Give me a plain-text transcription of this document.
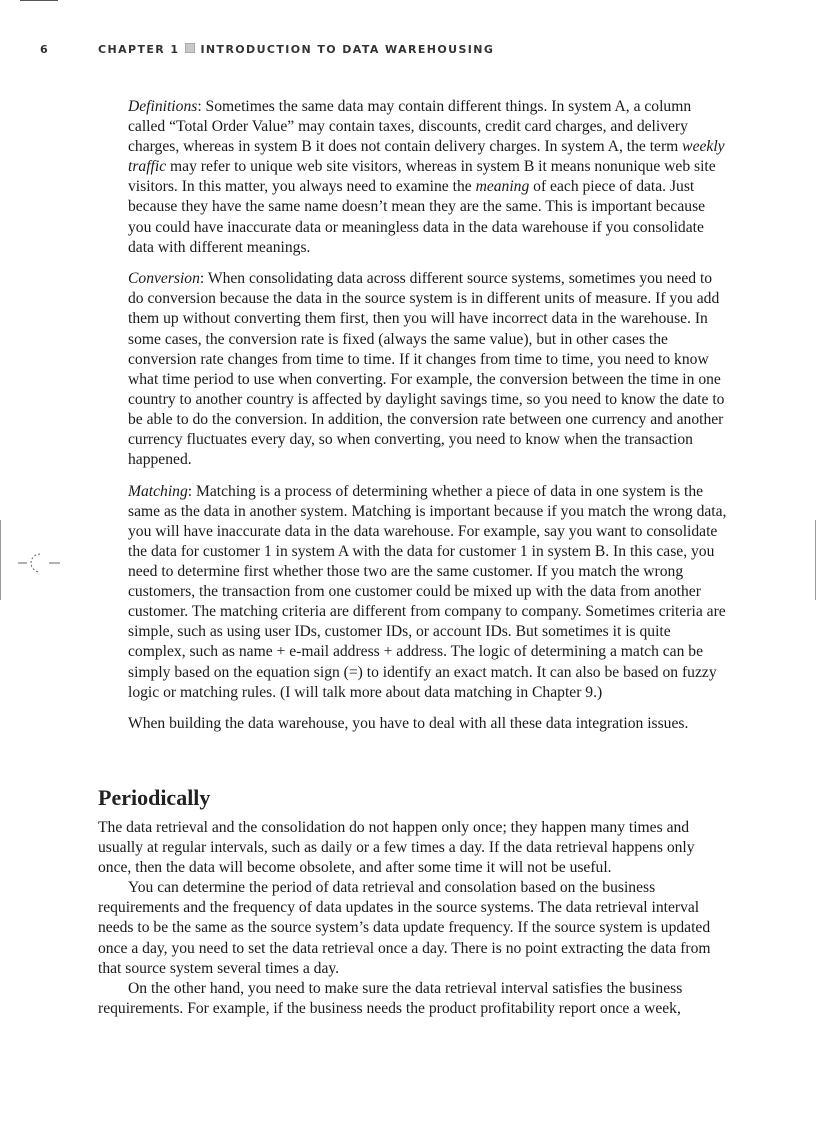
6	CHAPTER 1 INTRODUCTION TO DATA WAREHOUSING

Definitions: Sometimes the same data may contain different things. In system A, a column called “Total Order Value” may contain taxes, discounts, credit card charges, and delivery charges, whereas in system B it does not contain delivery charges. In system A, the term weekly traffic may refer to unique web site visitors, whereas in system B it means nonunique web site visitors. In this matter, you always need to examine the meaning of each piece of data. Just because they have the same name doesn’t mean they are the same. This is important because you could have inaccurate data or meaningless data in the data warehouse if you consolidate data with different meanings.

Conversion: When consolidating data across different source systems, sometimes you need to do conversion because the data in the source system is in different units of measure. If you add them up without converting them first, then you will have incorrect data in the warehouse. In some cases, the conversion rate is fixed (always the same value), but in other cases the conversion rate changes from time to time. If it changes from time to time, you need to know what time period to use when converting. For example, the conversion between the time in one country to another country is affected by daylight savings time, so you need to know the date to be able to do the conversion. In addition, the conversion rate between one currency and another currency fluctuates every day, so when converting, you need to know when the transaction happened.

Matching: Matching is a process of determining whether a piece of data in one system is the same as the data in another system. Matching is important because if you match the wrong data, you will have inaccurate data in the data warehouse. For example, say you want to consolidate the data for customer 1 in system A with the data for customer 1 in system B. In this case, you need to determine first whether those two are the same customer. If you match the wrong customers, the transaction from one customer could be mixed up with the data from another customer. The matching criteria are different from company to company. Sometimes criteria are simple, such as using user IDs, customer IDs, or account IDs. But sometimes it is quite complex, such as name + e-mail address + address. The logic of determining a match can be simply based on the equation sign (=) to identify an exact match. It can also be based on fuzzy logic or matching rules. (I will talk more about data matching in Chapter 9.)

When building the data warehouse, you have to deal with all these data integration issues.

Periodically

The data retrieval and the consolidation do not happen only once; they happen many times and usually at regular intervals, such as daily or a few times a day. If the data retrieval happens only once, then the data will become obsolete, and after some time it will not be useful.

You can determine the period of data retrieval and consolation based on the business requirements and the frequency of data updates in the source systems. The data retrieval interval needs to be the same as the source system’s data update frequency. If the source system is updated once a day, you need to set the data retrieval once a day. There is no point extracting the data from that source system several times a day.

On the other hand, you need to make sure the data retrieval interval satisfies the business requirements. For example, if the business needs the product profitability report once a week,
